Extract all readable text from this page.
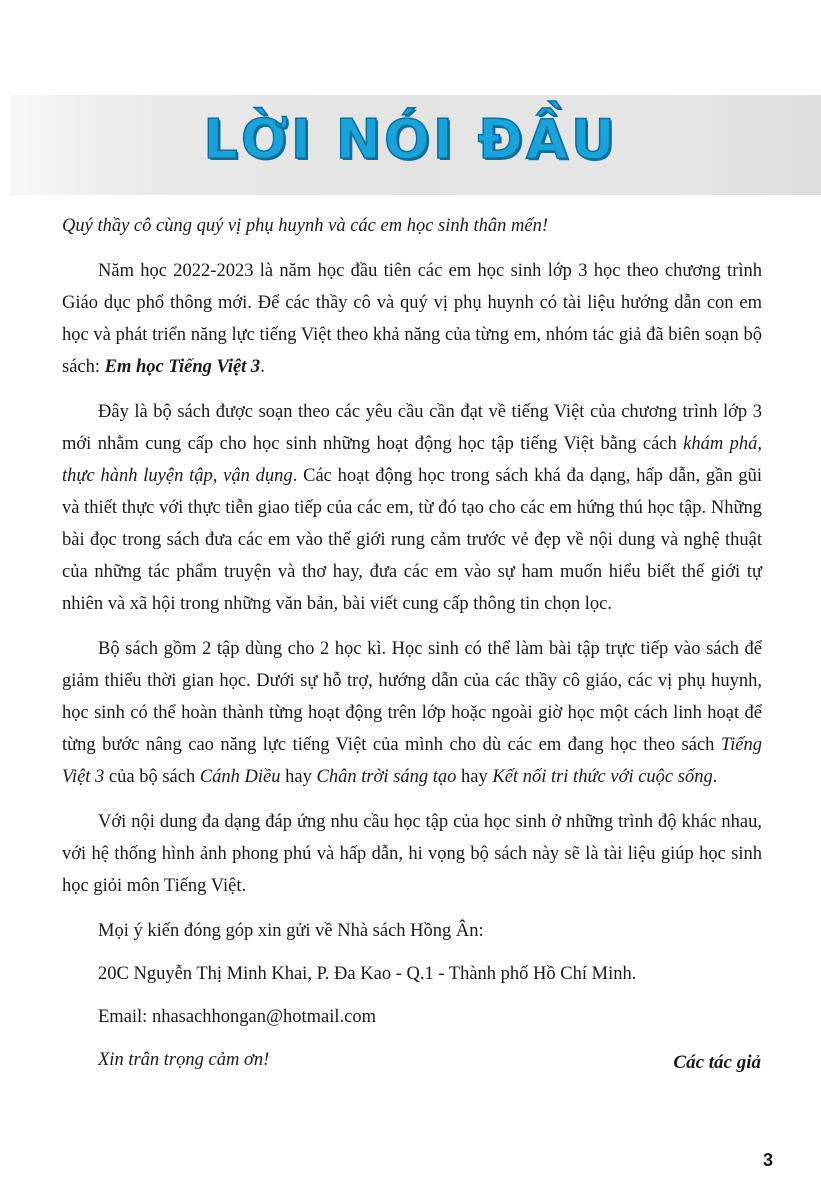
LỜI NÓI ĐẦU

Quý thầy cô cùng quý vị phụ huynh và các em học sinh thân mến!

Năm học 2022-2023 là năm học đầu tiên các em học sinh lớp 3 học theo chương trình Giáo dục phổ thông mới. Để các thầy cô và quý vị phụ huynh có tài liệu hướng dẫn con em học và phát triển năng lực tiếng Việt theo khả năng của từng em, nhóm tác giả đã biên soạn bộ sách: Em học Tiếng Việt 3.

Đây là bộ sách được soạn theo các yêu cầu cần đạt về tiếng Việt của chương trình lớp 3 mới nhằm cung cấp cho học sinh những hoạt động học tập tiếng Việt bằng cách khám phá, thực hành luyện tập, vận dụng. Các hoạt động học trong sách khá đa dạng, hấp dẫn, gần gũi và thiết thực với thực tiễn giao tiếp của các em, từ đó tạo cho các em hứng thú học tập. Những bài đọc trong sách đưa các em vào thế giới rung cảm trước vẻ đẹp về nội dung và nghệ thuật của những tác phẩm truyện và thơ hay, đưa các em vào sự ham muốn hiểu biết thế giới tự nhiên và xã hội trong những văn bản, bài viết cung cấp thông tin chọn lọc.

Bộ sách gồm 2 tập dùng cho 2 học kì. Học sinh có thể làm bài tập trực tiếp vào sách để giảm thiểu thời gian học. Dưới sự hỗ trợ, hướng dẫn của các thầy cô giáo, các vị phụ huynh, học sinh có thể hoàn thành từng hoạt động trên lớp hoặc ngoài giờ học một cách linh hoạt để từng bước nâng cao năng lực tiếng Việt của mình cho dù các em đang học theo sách Tiếng Việt 3 của bộ sách Cánh Diều hay Chân trời sáng tạo hay Kết nối tri thức với cuộc sống.

Với nội dung đa dạng đáp ứng nhu cầu học tập của học sinh ở những trình độ khác nhau, với hệ thống hình ảnh phong phú và hấp dẫn, hi vọng bộ sách này sẽ là tài liệu giúp học sinh học giỏi môn Tiếng Việt.

Mọi ý kiến đóng góp xin gửi về Nhà sách Hồng Ân:

20C Nguyễn Thị Minh Khai, P. Đa Kao - Q.1 - Thành phố Hồ Chí Minh.

Email: nhasachhongan@hotmail.com

Xin trân trọng cảm ơn!	Các tác giả
3
